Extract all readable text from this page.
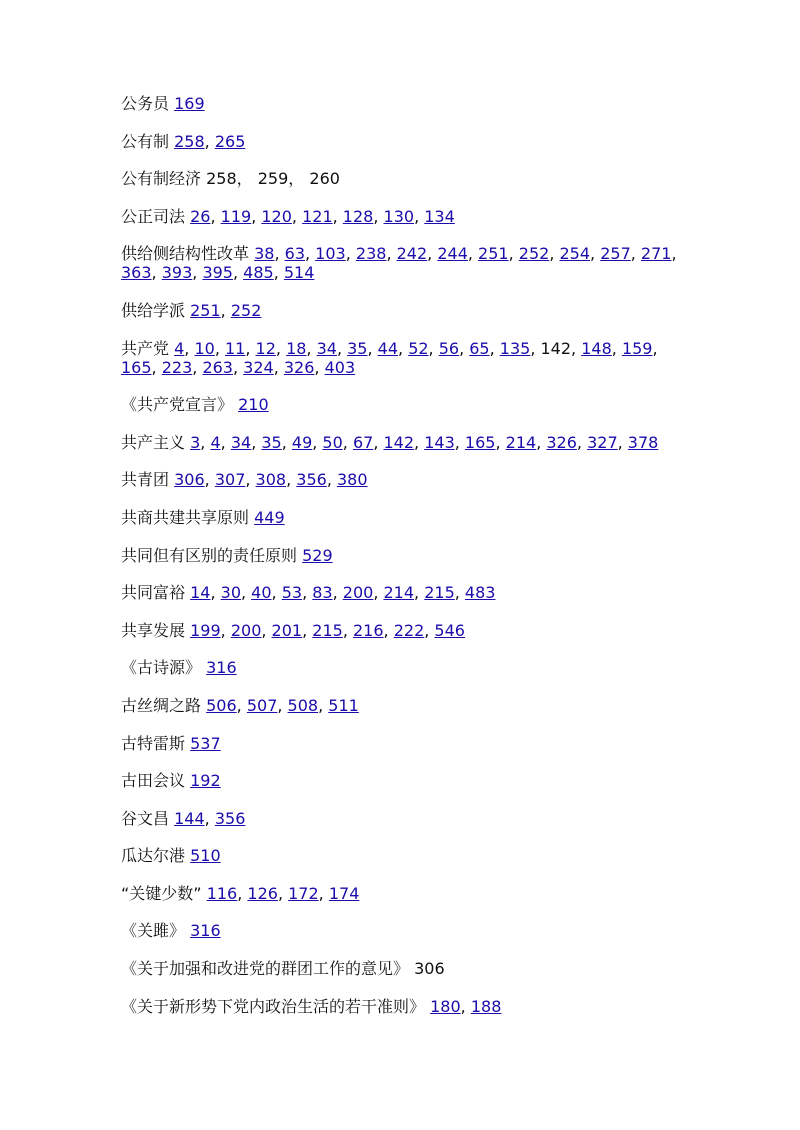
公务员 169

公有制 258, 265

公有制经济 258， 259， 260

公正司法 26, 119, 120, 121, 128, 130, 134

供给侧结构性改革 38, 63, 103, 238, 242, 244, 251, 252, 254, 257, 271, 363, 393, 395, 485, 514

供给学派 251, 252

共产党 4, 10, 11, 12, 18, 34, 35, 44, 52, 56, 65, 135, 142, 148, 159, 165, 223, 263, 324, 326, 403

《共产党宣言》 210

共产主义 3, 4, 34, 35, 49, 50, 67, 142, 143, 165, 214, 326, 327, 378

共青团 306, 307, 308, 356, 380

共商共建共享原则 449

共同但有区别的责任原则 529

共同富裕 14, 30, 40, 53, 83, 200, 214, 215, 483

共享发展 199, 200, 201, 215, 216, 222, 546

《古诗源》 316

古丝绸之路 506, 507, 508, 511

古特雷斯 537

古田会议 192

谷文昌 144, 356

瓜达尔港 510

“关键少数” 116, 126, 172, 174

《关雎》 316

《关于加强和改进党的群团工作的意见》 306

《关于新形势下党内政治生活的若干准则》 180, 188
